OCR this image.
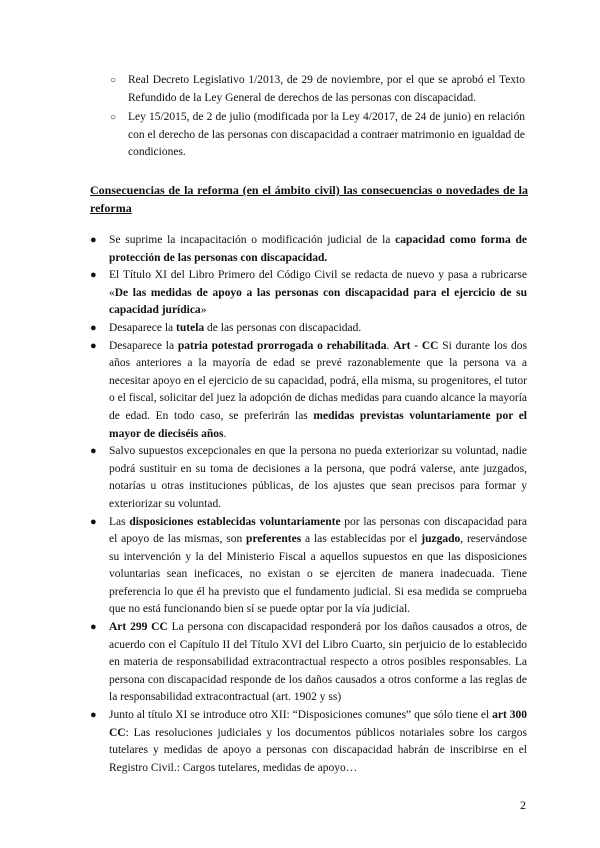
○ Real Decreto Legislativo 1/2013, de 29 de noviembre, por el que se aprobó el Texto Refundido de la Ley General de derechos de las personas con discapacidad.
○ Ley 15/2015, de 2 de julio (modificada por la Ley 4/2017, de 24 de junio) en relación con el derecho de las personas con discapacidad a contraer matrimonio en igualdad de condiciones.

Consecuencias de la reforma (en el ámbito civil) las consecuencias o novedades de la reforma

● Se suprime la incapacitación o modificación judicial de la capacidad como forma de protección de las personas con discapacidad.
● El Título XI del Libro Primero del Código Civil se redacta de nuevo y pasa a rubricarse «De las medidas de apoyo a las personas con discapacidad para el ejercicio de su capacidad jurídica»
● Desaparece la tutela de las personas con discapacidad.
● Desaparece la patria potestad prorrogada o rehabilitada. Art - CC Si durante los dos años anteriores a la mayoría de edad se prevé razonablemente que la persona va a necesitar apoyo en el ejercicio de su capacidad, podrá, ella misma, su progenitores, el tutor o el fiscal, solicitar del juez la adopción de dichas medidas para cuando alcance la mayoría de edad. En todo caso, se preferirán las medidas previstas voluntariamente por el mayor de dieciséis años.
● Salvo supuestos excepcionales en que la persona no pueda exteriorizar su voluntad, nadie podrá sustituir en su toma de decisiones a la persona, que podrá valerse, ante juzgados, notarías u otras instituciones públicas, de los ajustes que sean precisos para formar y exteriorizar su voluntad.
● Las disposiciones establecidas voluntariamente por las personas con discapacidad para el apoyo de las mismas, son preferentes a las establecidas por el juzgado, reservándose su intervención y la del Ministerio Fiscal a aquellos supuestos en que las disposiciones voluntarias sean ineficaces, no existan o se ejerciten de manera inadecuada. Tiene preferencia lo que él ha previsto que el fundamento judicial. Si esa medida se comprueba que no está funcionando bien sí se puede optar por la vía judicial.
● Art 299 CC La persona con discapacidad responderá por los daños causados a otros, de acuerdo con el Capítulo II del Título XVI del Libro Cuarto, sin perjuicio de lo establecido en materia de responsabilidad extracontractual respecto a otros posibles responsables. La persona con discapacidad responde de los daños causados a otros conforme a las reglas de la responsabilidad extracontractual (art. 1902 y ss)
● Junto al título XI se introduce otro XII: “Disposiciones comunes” que sólo tiene el art 300 CC: Las resoluciones judiciales y los documentos públicos notariales sobre los cargos tutelares y medidas de apoyo a personas con discapacidad habrán de inscribirse en el Registro Civil.: Cargos tutelares, medidas de apoyo…

2
